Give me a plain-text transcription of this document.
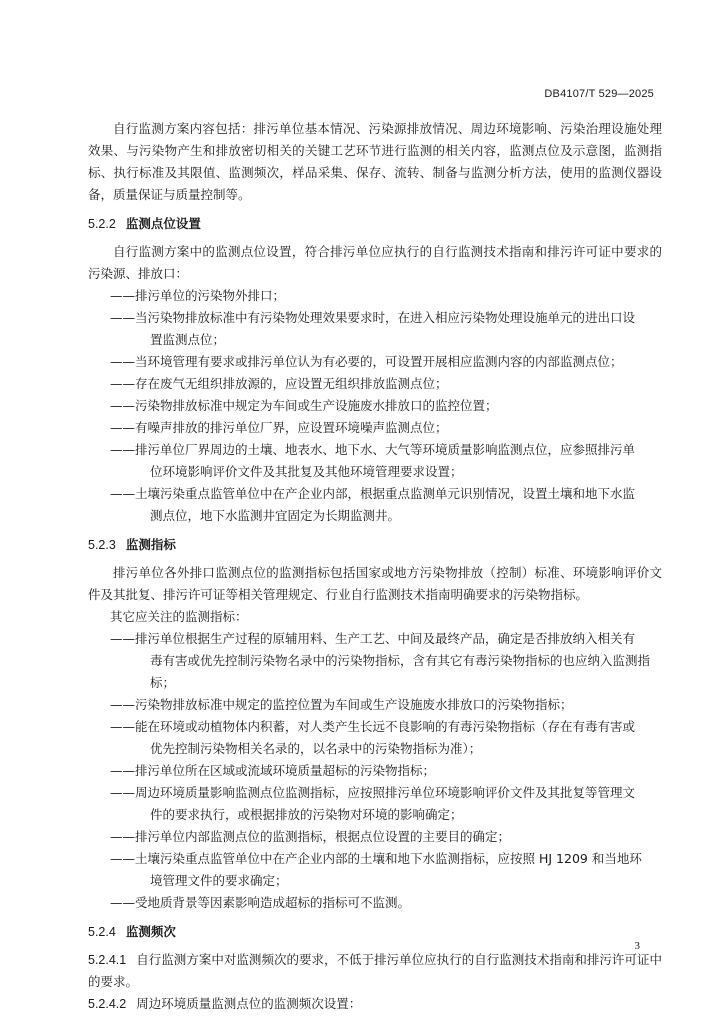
DB4107/T 529—2025

自行监测方案内容包括：排污单位基本情况、污染源排放情况、周边环境影响、污染治理设施处理效果、与污染物产生和排放密切相关的关键工艺环节进行监测的相关内容，监测点位及示意图，监测指标、执行标准及其限值、监测频次，样品采集、保存、流转、制备与监测分析方法，使用的监测仪器设备，质量保证与质量控制等。

5.2.2 监测点位设置

自行监测方案中的监测点位设置，符合排污单位应执行的自行监测技术指南和排污许可证中要求的污染源、排放口：

——排污单位的污染物外排口；

——当污染物排放标准中有污染物处理效果要求时，在进入相应污染物处理设施单元的进出口设

置监测点位；

——当环境管理有要求或排污单位认为有必要的，可设置开展相应监测内容的内部监测点位；

——存在废气无组织排放源的，应设置无组织排放监测点位；

——污染物排放标准中规定为车间或生产设施废水排放口的监控位置；

——有噪声排放的排污单位厂界，应设置环境噪声监测点位；

——排污单位厂界周边的土壤、地表水、地下水、大气等环境质量影响监测点位，应参照排污单

位环境影响评价文件及其批复及其他环境管理要求设置；

——土壤污染重点监管单位中在产企业内部，根据重点监测单元识别情况，设置土壤和地下水监

测点位，地下水监测井宜固定为长期监测井。

5.2.3 监测指标

排污单位各外排口监测点位的监测指标包括国家或地方污染物排放（控制）标准、环境影响评价文件及其批复、排污许可证等相关管理规定、行业自行监测技术指南明确要求的污染物指标。

其它应关注的监测指标：

——排污单位根据生产过程的原辅用料、生产工艺、中间及最终产品，确定是否排放纳入相关有

毒有害或优先控制污染物名录中的污染物指标，含有其它有毒污染物指标的也应纳入监测指

标；

——污染物排放标准中规定的监控位置为车间或生产设施废水排放口的污染物指标；

——能在环境或动植物体内积蓄，对人类产生长远不良影响的有毒污染物指标（存在有毒有害或

优先控制污染物相关名录的，以名录中的污染物指标为准）；

——排污单位所在区域或流域环境质量超标的污染物指标；

——周边环境质量影响监测点位监测指标，应按照排污单位环境影响评价文件及其批复等管理文

件的要求执行，或根据排放的污染物对环境的影响确定；

——排污单位内部监测点位的监测指标，根据点位设置的主要目的确定；

——土壤污染重点监管单位中在产企业内部的土壤和地下水监测指标，应按照 HJ 1209 和当地环

境管理文件的要求确定；

——受地质背景等因素影响造成超标的指标可不监测。

5.2.4 监测频次

5.2.4.1 自行监测方案中对监测频次的要求，不低于排污单位应执行的自行监测技术指南和排污许可证中的要求。

5.2.4.2 周边环境质量监测点位的监测频次设置：

3
